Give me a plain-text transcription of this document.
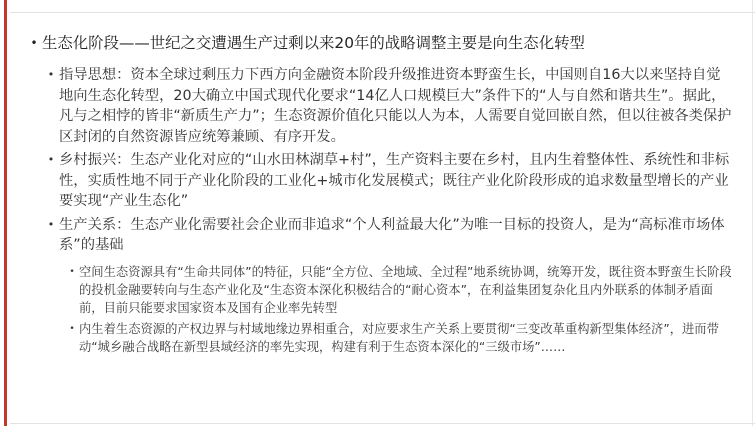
• 生态化阶段——世纪之交遭遇生产过剩以来20年的战略调整主要是向生态化转型
• 指导思想：资本全球过剩压力下西方向金融资本阶段升级推进资本野蛮生长，中国则自16大以来坚持自觉地向生态化转型，20大确立中国式现代化要求“14亿人口规模巨大”条件下的“人与自然和谐共生”。据此，凡与之相悖的皆非“新质生产力”；生态资源价值化只能以人为本，人需要自觉回嵌自然，但以往被各类保护区封闭的自然资源皆应统筹兼顾、有序开发。
• 乡村振兴：生态产业化对应的“山水田林湖草+村”，生产资料主要在乡村，且内生着整体性、系统性和非标性，实质性地不同于产业化阶段的工业化+城市化发展模式；既往产业化阶段形成的追求数量型增长的产业要实现“产业生态化”
• 生产关系：生态产业化需要社会企业而非追求“个人利益最大化”为唯一目标的投资人，是为“高标准市场体系”的基础
• 空间生态资源具有“生命共同体”的特征，只能“全方位、全地域、全过程”地系统协调，统筹开发，既往资本野蛮生长阶段的投机金融要转向与生态产业化及“生态资本深化积极结合的“耐心资本”，在利益集团复杂化且内外联系的体制矛盾面前，目前只能要求国家资本及国有企业率先转型
• 内生着生态资源的产权边界与村域地缘边界相重合，对应要求生产关系上要贯彻“三变改革重构新型集体经济”，进而带动“城乡融合战略在新型县域经济的率先实现，构建有利于生态资本深化的“三级市场”……
